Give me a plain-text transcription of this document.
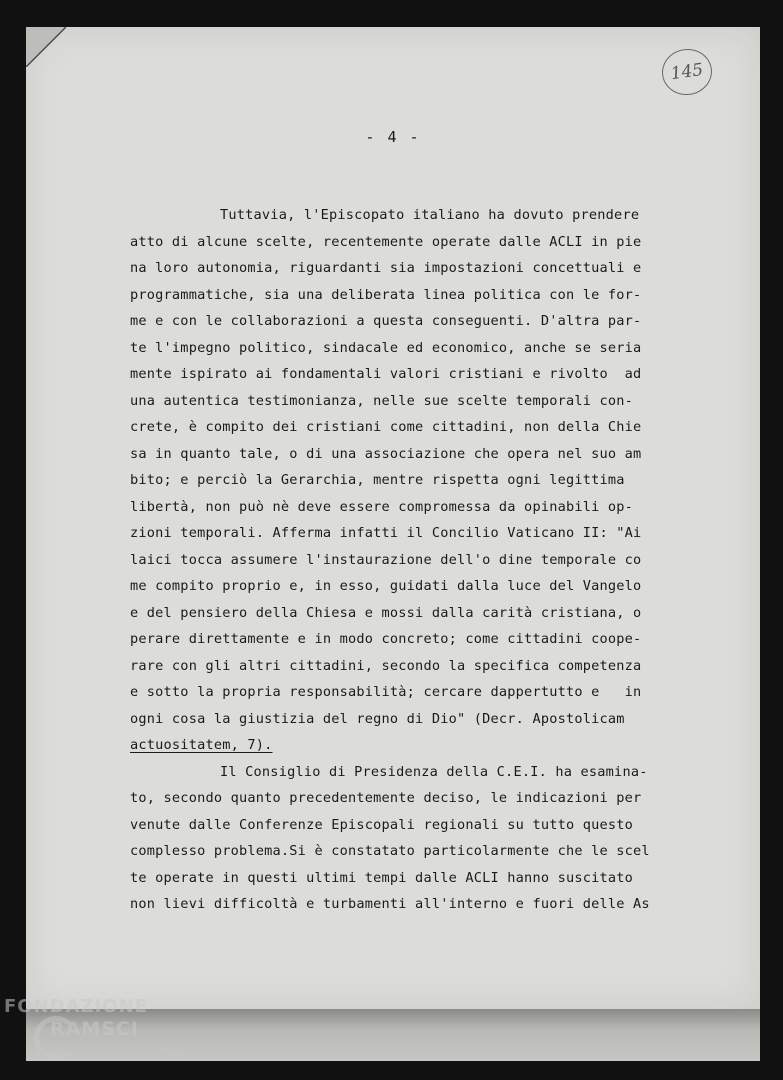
145
- 4 -
Tuttavia, l'Episcopato italiano ha dovuto prendere
atto di alcune scelte, recentemente operate dalle ACLI in pie
na loro autonomia, riguardanti sia impostazioni concettuali e
programmatiche, sia una deliberata linea politica con le for-
me e con le collaborazioni a questa conseguenti. D'altra par-
te l'impegno politico, sindacale ed economico, anche se seria
mente ispirato ai fondamentali valori cristiani e rivolto  ad
una autentica testimonianza, nelle sue scelte temporali con-
crete, è compito dei cristiani come cittadini, non della Chie
sa in quanto tale, o di una associazione che opera nel suo am
bito; e perciò la Gerarchia, mentre rispetta ogni legittima
libertà, non può nè deve essere compromessa da opinabili op-
zioni temporali. Afferma infatti il Concilio Vaticano II: "Ai
laici tocca assumere l'instaurazione dell'o dine temporale co
me compito proprio e, in esso, guidati dalla luce del Vangelo
e del pensiero della Chiesa e mossi dalla carità cristiana, o
perare direttamente e in modo concreto; come cittadini coope-
rare con gli altri cittadini, secondo la specifica competenza
e sotto la propria responsabilità; cercare dappertutto e   in
ogni cosa la giustizia del regno di Dio" (Decr. Apostolicam
actuositatem, 7).
Il Consiglio di Presidenza della C.E.I. ha esamina-
to, secondo quanto precedentemente deciso, le indicazioni per
venute dalle Conferenze Episcopali regionali su tutto questo
complesso problema.Si è constatato particolarmente che le scel
te operate in questi ultimi tempi dalle ACLI hanno suscitato
non lievi difficoltà e turbamenti all'interno e fuori delle As
FONDAZIONE
RAMSCI
onlus
